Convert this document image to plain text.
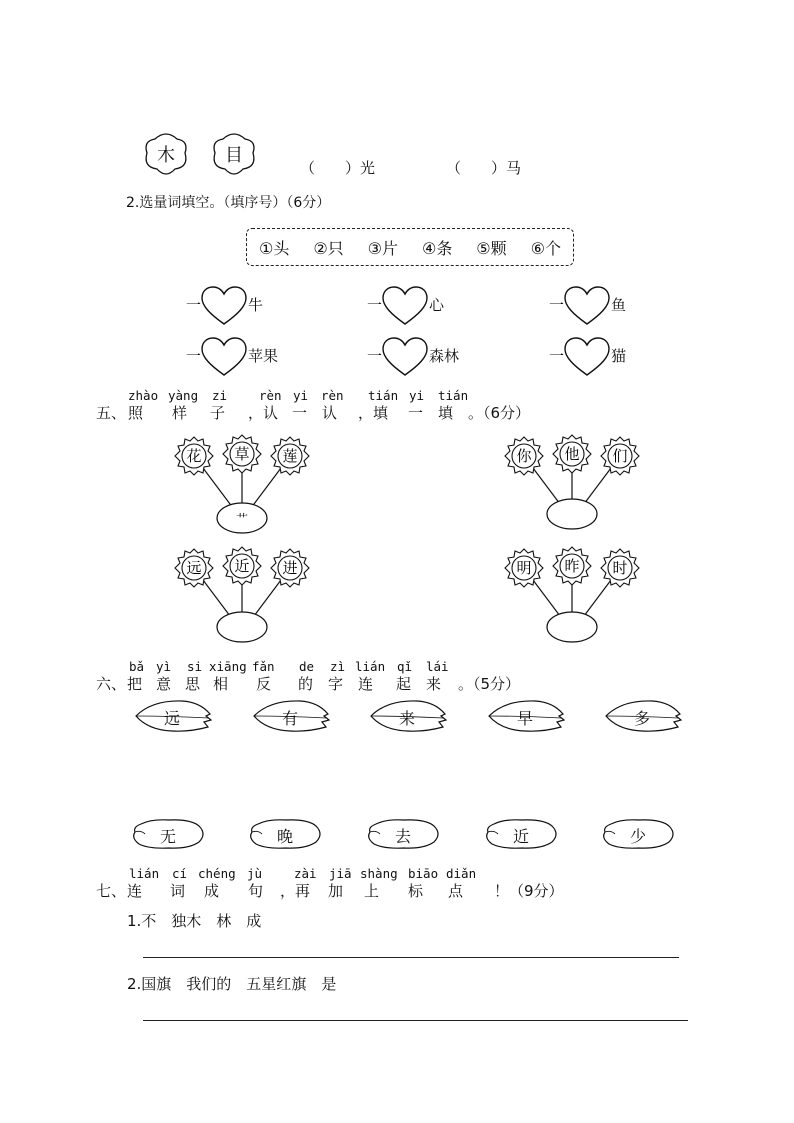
木	目
（　　）光	（　　）马
2.选量词填空。（填序号）（6分）
①头 ②只 ③片 ④条 ⑤颗 ⑥个
一	牛	一	心	一	鱼
一	苹果	一	森林	一	猫
五、
zhào yàng zi	rèn yi rèn tián yi tián
照 样 子 ，认 一 认 ，填 一 填 。（6分）
花 草 莲
艹
你 他 们
远 近 进	明 昨 时
六、
bǎ yì si xiāng fǎn de zì lián qǐ lái
把 意 思 相 反 的 字 连 起 来 。（5分）
远	有	来	早	多
无	晚	去	近	少
七、
lián cí chéng jù	zài jiā shàng biāo diǎn
连 词 成 句 ，再 加 上 标 点 ！（9分）
1.不　独木　林　成
2.国旗　我们的　五星红旗　是
